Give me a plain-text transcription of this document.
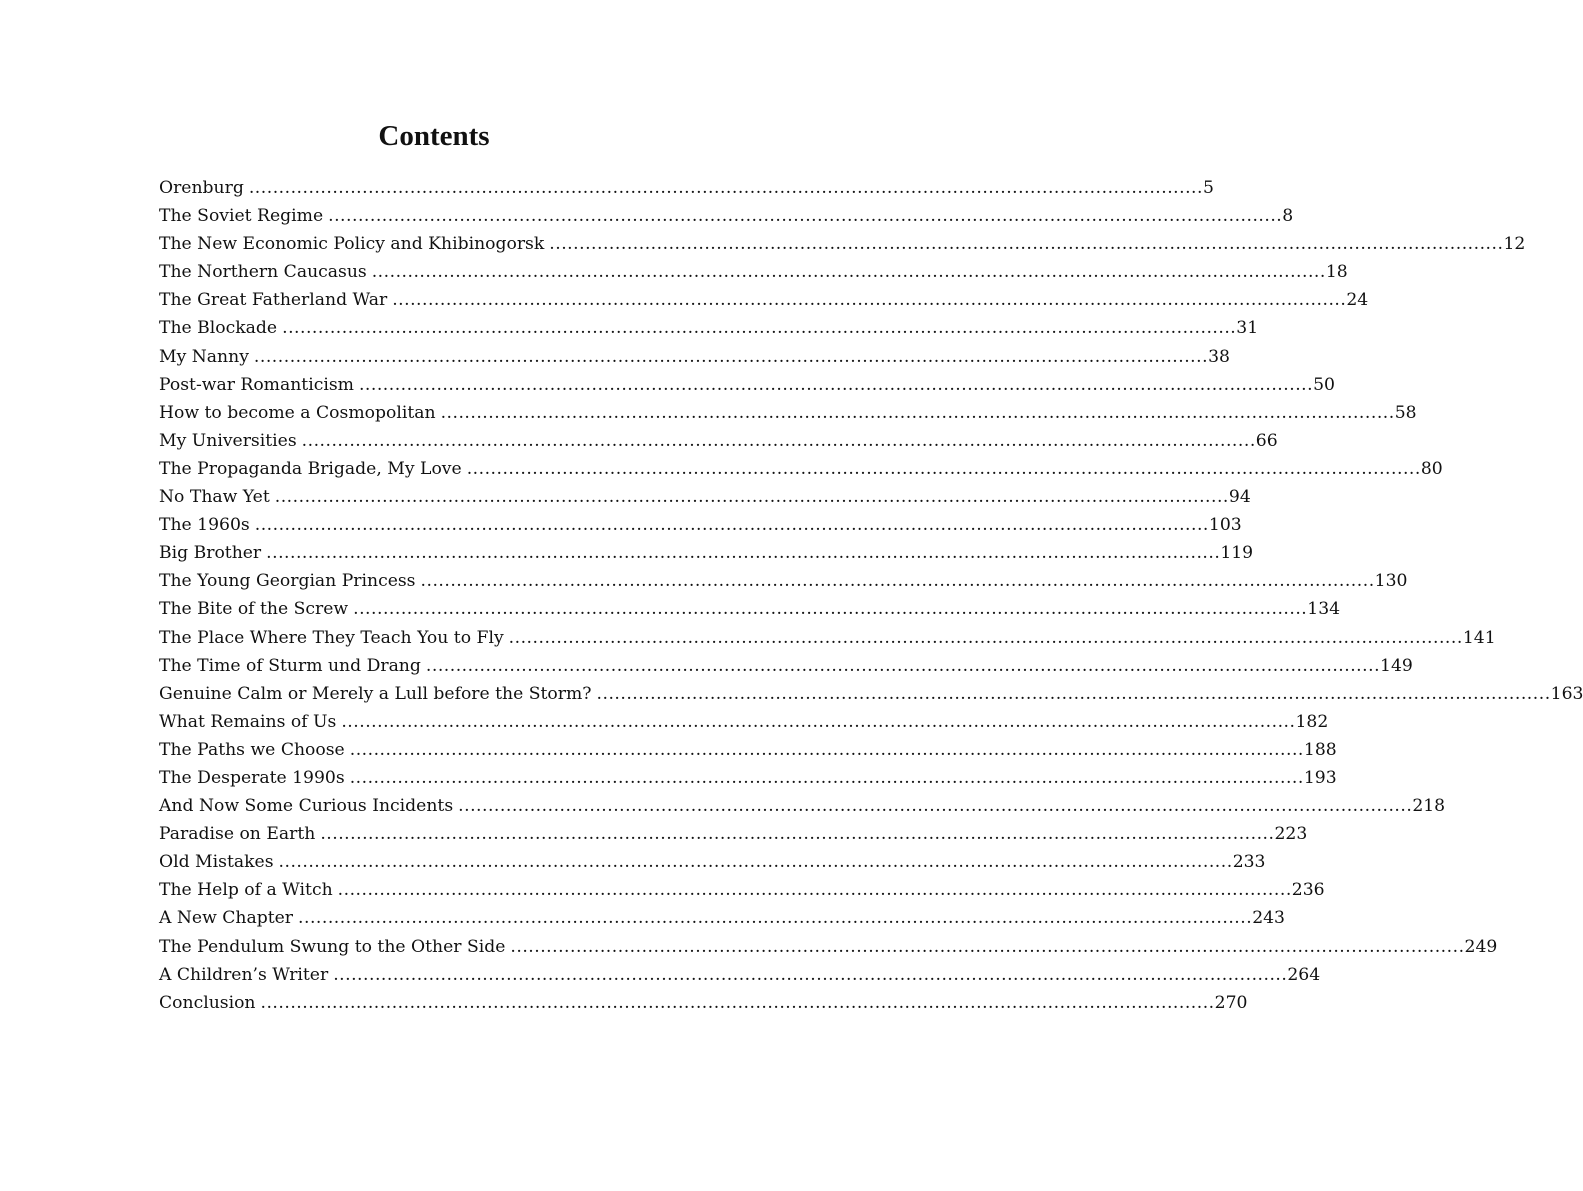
Contents
Orenburg ................................................................................................................................................................ 5
The Soviet Regime ................................................................................................................................................................ 8
The New Economic Policy and Khibinogorsk ................................................................................................................................................................ 12
The Northern Caucasus ................................................................................................................................................................ 18
The Great Fatherland War ................................................................................................................................................................ 24
The Blockade ................................................................................................................................................................ 31
My Nanny ................................................................................................................................................................ 38
Post-war Romanticism ................................................................................................................................................................ 50
How to become a Cosmopolitan ................................................................................................................................................................ 58
My Universities ................................................................................................................................................................ 66
The Propaganda Brigade, My Love ................................................................................................................................................................ 80
No Thaw Yet ................................................................................................................................................................ 94
The 1960s ................................................................................................................................................................ 103
Big Brother ................................................................................................................................................................ 119
The Young Georgian Princess ................................................................................................................................................................ 130
The Bite of the Screw ................................................................................................................................................................ 134
The Place Where They Teach You to Fly ................................................................................................................................................................ 141
The Time of Sturm und Drang ................................................................................................................................................................ 149
Genuine Calm or Merely a Lull before the Storm? ................................................................................................................................................................ 163
What Remains of Us ................................................................................................................................................................ 182
The Paths we Choose ................................................................................................................................................................ 188
The Desperate 1990s ................................................................................................................................................................ 193
And Now Some Curious Incidents ................................................................................................................................................................ 218
Paradise on Earth ................................................................................................................................................................ 223
Old Mistakes ................................................................................................................................................................ 233
The Help of a Witch ................................................................................................................................................................ 236
A New Chapter ................................................................................................................................................................ 243
The Pendulum Swung to the Other Side ................................................................................................................................................................ 249
A Children’s Writer ................................................................................................................................................................ 264
Conclusion ................................................................................................................................................................ 270
